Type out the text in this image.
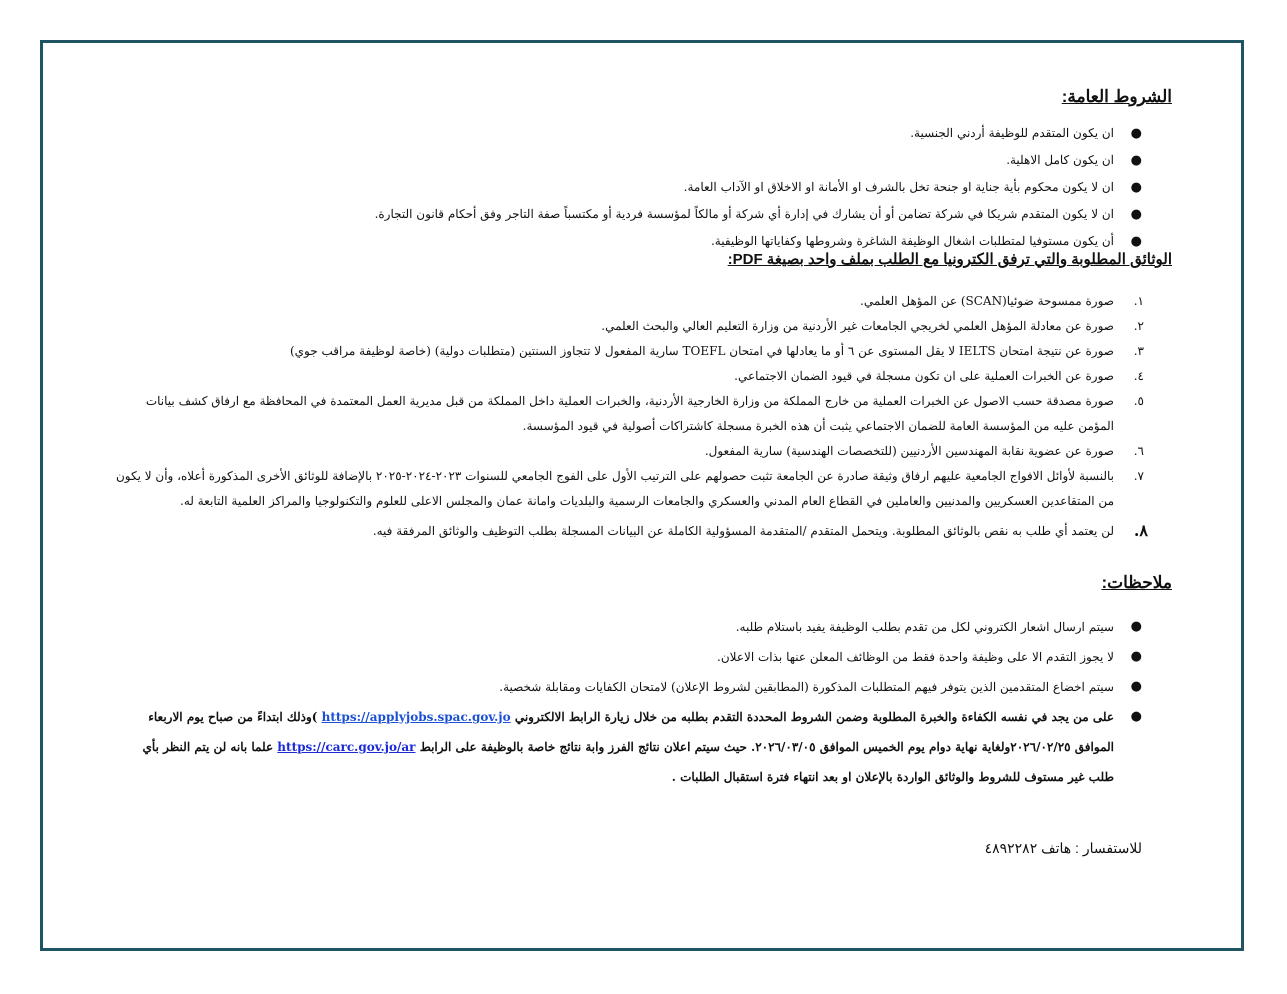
الشروط العامة:
●
ان يكون المتقدم للوظيفة أردني الجنسية.
●
ان يكون كامل الاهلية.
●
ان لا يكون محكوم بأية جناية او جنحة تخل بالشرف او الأمانة او الاخلاق او الآداب العامة.
●
ان لا يكون المتقدم شريكا في شركة تضامن أو أن يشارك في إدارة أي شركة أو مالكاً لمؤسسة فردية أو مكتسباً صفة التاجر وفق أحكام قانون التجارة.
●
أن يكون مستوفيا لمتطلبات اشغال الوظيفة الشاغرة وشروطها وكفاياتها الوظيفية.
الوثائق المطلوبة والتي ترفق الكترونيا مع الطلب بملف واحد بصيغة PDF:
١.
صورة ممسوحة ضوئيا(SCAN) عن المؤهل العلمي.
٢.
صورة عن معادلة المؤهل العلمي لخريجي الجامعات غير الأردنية من وزارة التعليم العالي والبحث العلمي.
٣.
صورة عن نتيجة امتحان IELTS لا يقل المستوى عن ٦ أو ما يعادلها في امتحان TOEFL سارية المفعول لا تتجاوز السنتين (متطلبات دولية) (خاصة لوظيفة مراقب جوي)
٤.
صورة عن الخبرات العملية على ان تكون مسجلة في قيود الضمان الاجتماعي.
٥.
صورة مصدقة حسب الاصول عن الخبرات العملية من خارج المملكة من وزارة الخارجية الأردنية، والخبرات العملية داخل المملكة من قبل مديرية العمل المعتمدة في المحافظة مع ارفاق كشف بيانات المؤمن عليه من المؤسسة العامة للضمان الاجتماعي يثبت أن هذه الخبرة مسجلة كاشتراكات أصولية في قيود المؤسسة.
٦.
صورة عن عضوية نقابة المهندسين الأردنيين (للتخصصات الهندسية) سارية المفعول.
٧.
بالنسبة لأوائل الافواج الجامعية عليهم ارفاق وثيقة صادرة عن الجامعة تثبت حصولهم على الترتيب الأول على الفوج الجامعي للسنوات ٢٠٢٣-٢٠٢٤-٢٠٢٥ بالإضافة للوثائق الأخرى المذكورة أعلاه، وأن لا يكون من المتقاعدين العسكريين والمدنيين والعاملين في القطاع العام المدني والعسكري والجامعات الرسمية والبلديات وامانة عمان والمجلس الاعلى للعلوم والتكنولوجيا والمراكز العلمية التابعة له.
٨.
لن يعتمد أي طلب به نقص بالوثائق المطلوبة. ويتحمل المتقدم /المتقدمة المسؤولية الكاملة عن البيانات المسجلة بطلب التوظيف والوثائق المرفقة فيه.
ملاحظات:
●
سيتم ارسال اشعار الكتروني لكل من تقدم بطلب الوظيفة يفيد باستلام طلبه.
●
لا يجوز التقدم الا على وظيفة واحدة فقط من الوظائف المعلن عنها بذات الاعلان.
●
سيتم اخضاع المتقدمين الذين يتوفر فيهم المتطلبات المذكورة (المطابقين لشروط الإعلان) لامتحان الكفايات ومقابلة شخصية.
●
على من يجد في نفسه الكفاءة والخبرة المطلوبة وضمن الشروط المحددة التقدم بطلبه من خلال زيارة الرابط الالكتروني https://applyjobs.spac.gov.jo )وذلك ابتداءً من صباح يوم الاربعاء الموافق ٢٠٢٦/٠٢/٢٥ولغاية نهاية دوام يوم الخميس الموافق ٢٠٢٦/٠٣/٠٥. حيث سيتم اعلان نتائج الفرز وابة نتائج خاصة بالوظيفة على الرابط https://carc.gov.jo/ar علما بانه لن يتم النظر بأي طلب غير مستوف للشروط والوثائق الواردة بالإعلان او بعد انتهاء فترة استقبال الطلبات .
للاستفسار : هاتف ٤٨٩٢٢٨٢
